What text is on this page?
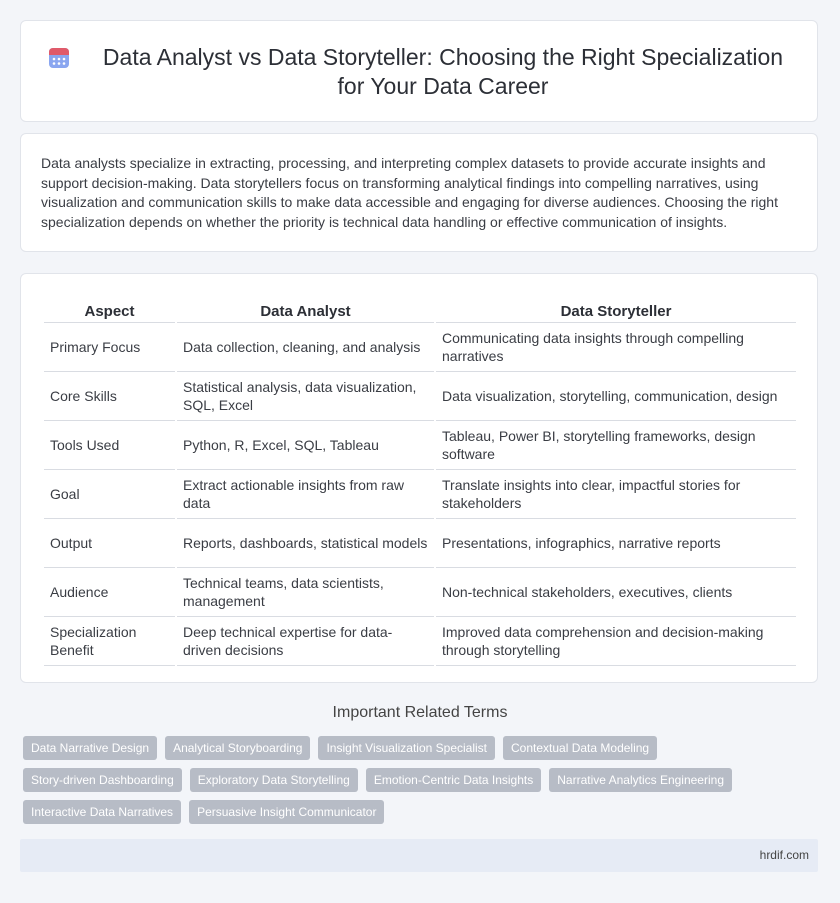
Data Analyst vs Data Storyteller: Choosing the Right Specialization for Your Data Career

Data analysts specialize in extracting, processing, and interpreting complex datasets to provide accurate insights and support decision-making. Data storytellers focus on transforming analytical findings into compelling narratives, using visualization and communication skills to make data accessible and engaging for diverse audiences. Choosing the right specialization depends on whether the priority is technical data handling or effective communication of insights.

Aspect	Data Analyst	Data Storyteller
Primary Focus	Data collection, cleaning, and analysis	Communicating data insights through compelling narratives
Core Skills	Statistical analysis, data visualization, SQL, Excel	Data visualization, storytelling, communication, design
Tools Used	Python, R, Excel, SQL, Tableau	Tableau, Power BI, storytelling frameworks, design software
Goal	Extract actionable insights from raw data	Translate insights into clear, impactful stories for stakeholders
Output	Reports, dashboards, statistical models	Presentations, infographics, narrative reports
Audience	Technical teams, data scientists, management	Non-technical stakeholders, executives, clients
Specialization Benefit	Deep technical expertise for data-driven decisions	Improved data comprehension and decision-making through storytelling
Important Related Terms
Data Narrative Design	Analytical Storyboarding	Insight Visualization Specialist	Contextual Data Modeling
Story-driven Dashboarding	Exploratory Data Storytelling	Emotion-Centric Data Insights	Narrative Analytics Engineering
Interactive Data Narratives	Persuasive Insight Communicator
hrdif.com
